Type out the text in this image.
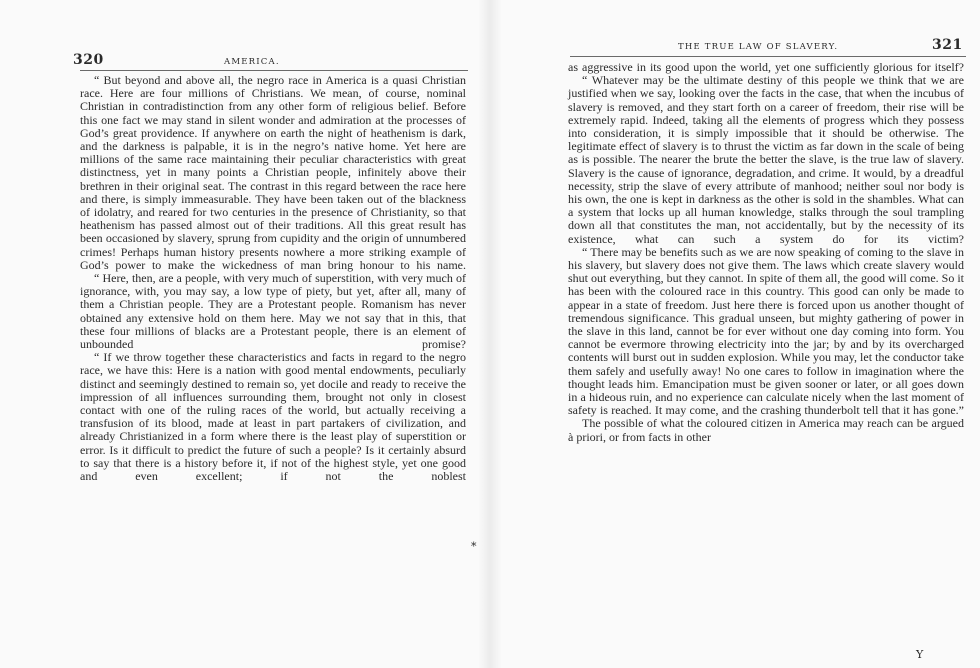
320	AMERICA.

“ But beyond and above all, the negro race in America is a quasi Christian race. Here are four millions of Christians. We mean, of course, nominal Christian in contradistinction from any other form of religious belief. Before this one fact we may stand in silent wonder and admiration at the processes of God’s great providence. If anywhere on earth the night of heathenism is dark, and the darkness is palpable, it is in the negro’s native home. Yet here are millions of the same race maintaining their peculiar characteristics with great distinctness, yet in many points a Christian people, infinitely above their brethren in their original seat. The contrast in this regard between the race here and there, is simply immeasurable. They have been taken out of the blackness of idolatry, and reared for two centuries in the presence of Christianity, so that heathenism has passed almost out of their traditions. All this great result has been occasioned by slavery, sprung from cupidity and the origin of unnumbered crimes! Perhaps human history presents nowhere a more striking example of God’s power to make the wickedness of man bring honour to his name.

“ Here, then, are a people, with very much of superstition, with very much of ignorance, with, you may say, a low type of piety, but yet, after all, many of them a Christian people. They are a Protestant people. Romanism has never obtained any extensive hold on them here. May we not say that in this, that these four millions of blacks are a Protestant people, there is an element of unbounded promise?

“ If we throw together these characteristics and facts in regard to the negro race, we have this: Here is a nation with good mental endowments, peculiarly distinct and seemingly destined to remain so, yet docile and ready to receive the impression of all influences surrounding them, brought not only in closest contact with one of the ruling races of the world, but actually receiving a transfusion of its blood, made at least in part partakers of civilization, and already Christianized in a form where there is the least play of superstition or error. Is it difficult to predict the future of such a people? Is it certainly absurd to say that there is a history before it, if not of the highest style, yet one good and even excellent; if not the noblest

*
THE TRUE LAW OF SLAVERY.	321

as aggressive in its good upon the world, yet one sufficiently glorious for itself?

“ Whatever may be the ultimate destiny of this people we think that we are justified when we say, looking over the facts in the case, that when the incubus of slavery is removed, and they start forth on a career of freedom, their rise will be extremely rapid. Indeed, taking all the elements of progress which they possess into consideration, it is simply impossible that it should be otherwise. The legitimate effect of slavery is to thrust the victim as far down in the scale of being as is possible. The nearer the brute the better the slave, is the true law of slavery. Slavery is the cause of ignorance, degradation, and crime. It would, by a dreadful necessity, strip the slave of every attribute of manhood; neither soul nor body is his own, the one is kept in darkness as the other is sold in the shambles. What can a system that locks up all human knowledge, stalks through the soul trampling down all that constitutes the man, not accidentally, but by the necessity of its existence, what can such a system do for its victim?

“ There may be benefits such as we are now speaking of coming to the slave in his slavery, but slavery does not give them. The laws which create slavery would shut out everything, but they cannot. In spite of them all, the good will come. So it has been with the coloured race in this country. This good can only be made to appear in a state of freedom. Just here there is forced upon us another thought of tremendous significance. This gradual unseen, but mighty gathering of power in the slave in this land, cannot be for ever without one day coming into form. You cannot be evermore throwing electricity into the jar; by and by its overcharged contents will burst out in sudden explosion. While you may, let the conductor take them safely and usefully away! No one cares to follow in imagination where the thought leads him. Emancipation must be given sooner or later, or all goes down in a hideous ruin, and no experience can calculate nicely when the last moment of safety is reached. It may come, and the crashing thunderbolt tell that it has gone.”

The possible of what the coloured citizen in America may reach can be argued à priori, or from facts in other

Y
